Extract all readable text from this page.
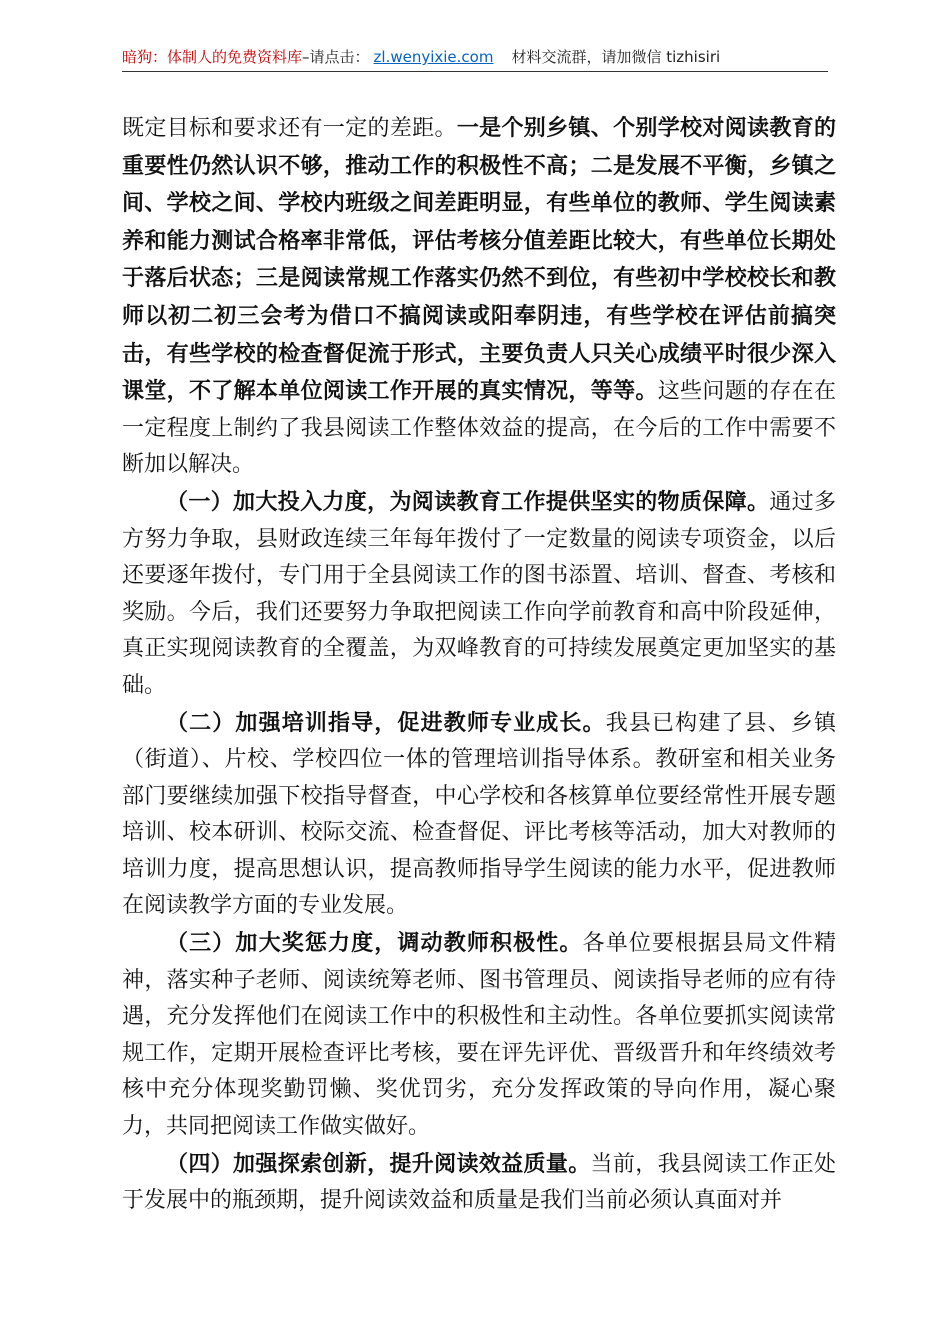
暗狗：体制人的免费资料库–请点击： zl.wenyixie.com 材料交流群，请加微信 tizhisiri

既定目标和要求还有一定的差距。一是个别乡镇、个别学校对阅读教育的重要性仍然认识不够，推动工作的积极性不高；二是发展不平衡，乡镇之间、学校之间、学校内班级之间差距明显，有些单位的教师、学生阅读素养和能力测试合格率非常低，评估考核分值差距比较大，有些单位长期处于落后状态；三是阅读常规工作落实仍然不到位，有些初中学校校长和教师以初二初三会考为借口不搞阅读或阳奉阴违，有些学校在评估前搞突击，有些学校的检查督促流于形式，主要负责人只关心成绩平时很少深入课堂，不了解本单位阅读工作开展的真实情况，等等。这些问题的存在在一定程度上制约了我县阅读工作整体效益的提高，在今后的工作中需要不断加以解决。

（一）加大投入力度，为阅读教育工作提供坚实的物质保障。通过多方努力争取，县财政连续三年每年拨付了一定数量的阅读专项资金，以后还要逐年拨付，专门用于全县阅读工作的图书添置、培训、督查、考核和奖励。今后，我们还要努力争取把阅读工作向学前教育和高中阶段延伸，真正实现阅读教育的全覆盖，为双峰教育的可持续发展奠定更加坚实的基础。

（二）加强培训指导，促进教师专业成长。我县已构建了县、乡镇（街道）、片校、学校四位一体的管理培训指导体系。教研室和相关业务部门要继续加强下校指导督查，中心学校和各核算单位要经常性开展专题培训、校本研训、校际交流、检查督促、评比考核等活动，加大对教师的培训力度，提高思想认识，提高教师指导学生阅读的能力水平，促进教师在阅读教学方面的专业发展。

（三）加大奖惩力度，调动教师积极性。各单位要根据县局文件精神，落实种子老师、阅读统筹老师、图书管理员、阅读指导老师的应有待遇，充分发挥他们在阅读工作中的积极性和主动性。各单位要抓实阅读常规工作，定期开展检查评比考核，要在评先评优、晋级晋升和年终绩效考核中充分体现奖勤罚懒、奖优罚劣，充分发挥政策的导向作用，凝心聚力，共同把阅读工作做实做好。

（四）加强探索创新，提升阅读效益质量。当前，我县阅读工作正处于发展中的瓶颈期，提升阅读效益和质量是我们当前必须认真面对并
